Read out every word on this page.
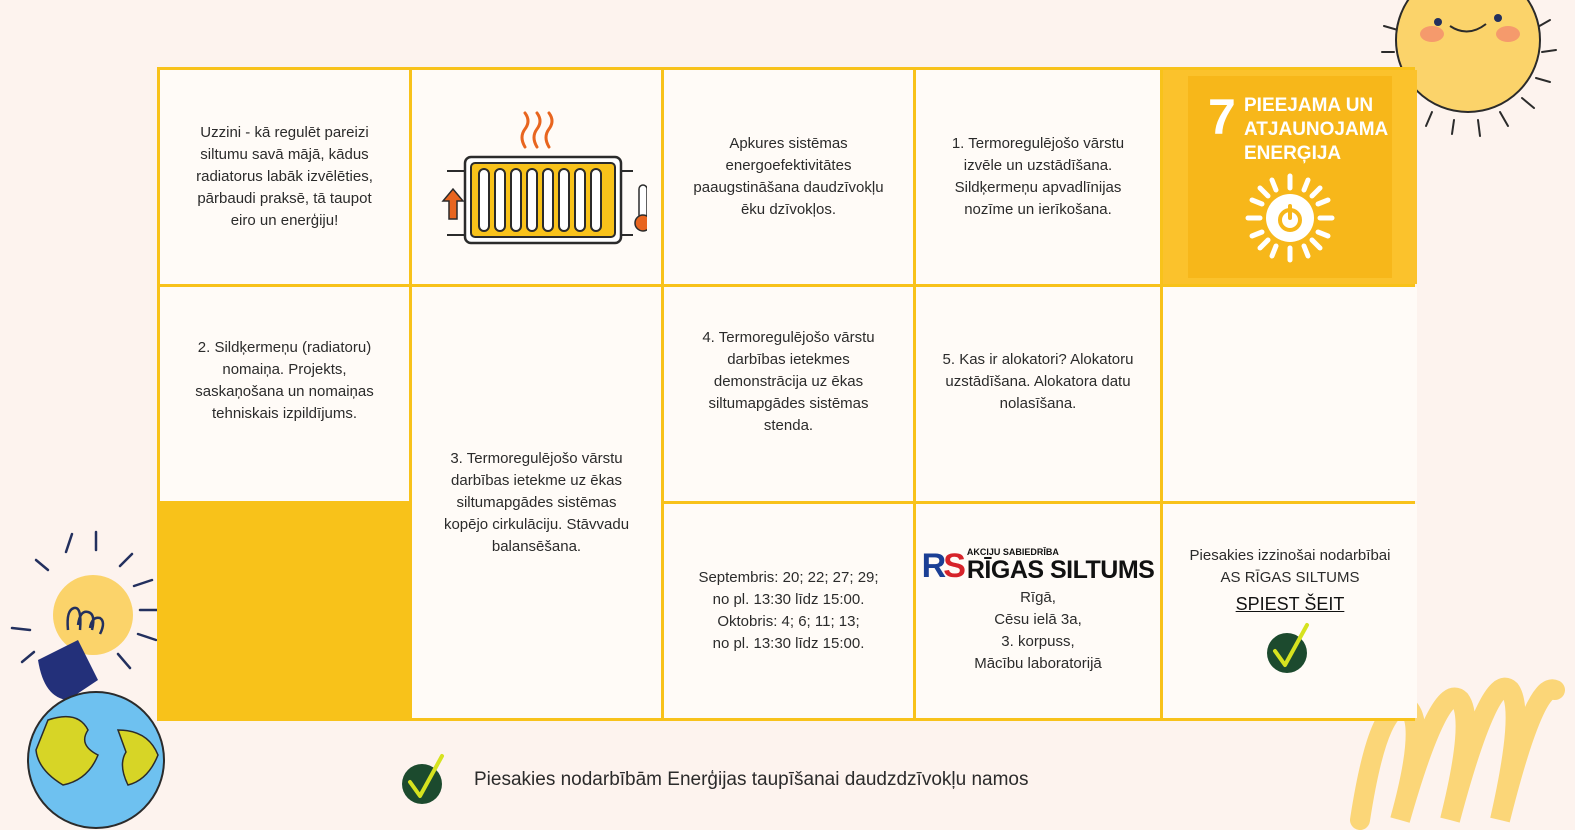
Uzzini - kā regulēt pareizi
siltumu savā mājā, kādus
radiatorus labāk izvēlēties,
pārbaudi praksē, tā taupot
eiro un enerģiju!
Apkures sistēmas
energoefektivitātes
paaugstināšana daudzīvokļu
ēku dzīvokļos.
1. Termoregulējošo vārstu
izvēle un uzstādīšana.
Sildķermeņu apvadlīnijas
nozīme un ierīkošana.

7 PIEEJAMA UN
ATJAUNOJAMA
ENERĢIJA

2. Sildķermeņu (radiatoru)
nomaiņa. Projekts,
saskaņošana un nomaiņas
tehniskais izpildījums.
3. Termoregulējošo vārstu
darbības ietekme uz ēkas
siltumapgādes sistēmas
kopējo cirkulāciju. Stāvvadu
balansēšana.
4. Termoregulējošo vārstu
darbības ietekmes
demonstrācija uz ēkas
siltumapgādes sistēmas
stenda.
5. Kas ir alokatori? Alokatoru
uzstādīšana. Alokatora datu
nolasīšana.
Septembris: 20; 22; 27; 29;
no pl. 13:30 līdz 15:00.
Oktobris: 4; 6; 11; 13;
no pl. 13:30 līdz 15:00.
RS AKCIJU SABIEDRĪBA
RĪGAS SILTUMS
Rīgā,
Cēsu ielā 3a,
3. korpuss,
Mācību laboratorijā
Piesakies izzinošai nodarbībai
AS RĪGAS SILTUMS
SPIEST ŠEIT
Piesakies nodarbībām Enerģijas taupīšanai daudzdzīvokļu namos
